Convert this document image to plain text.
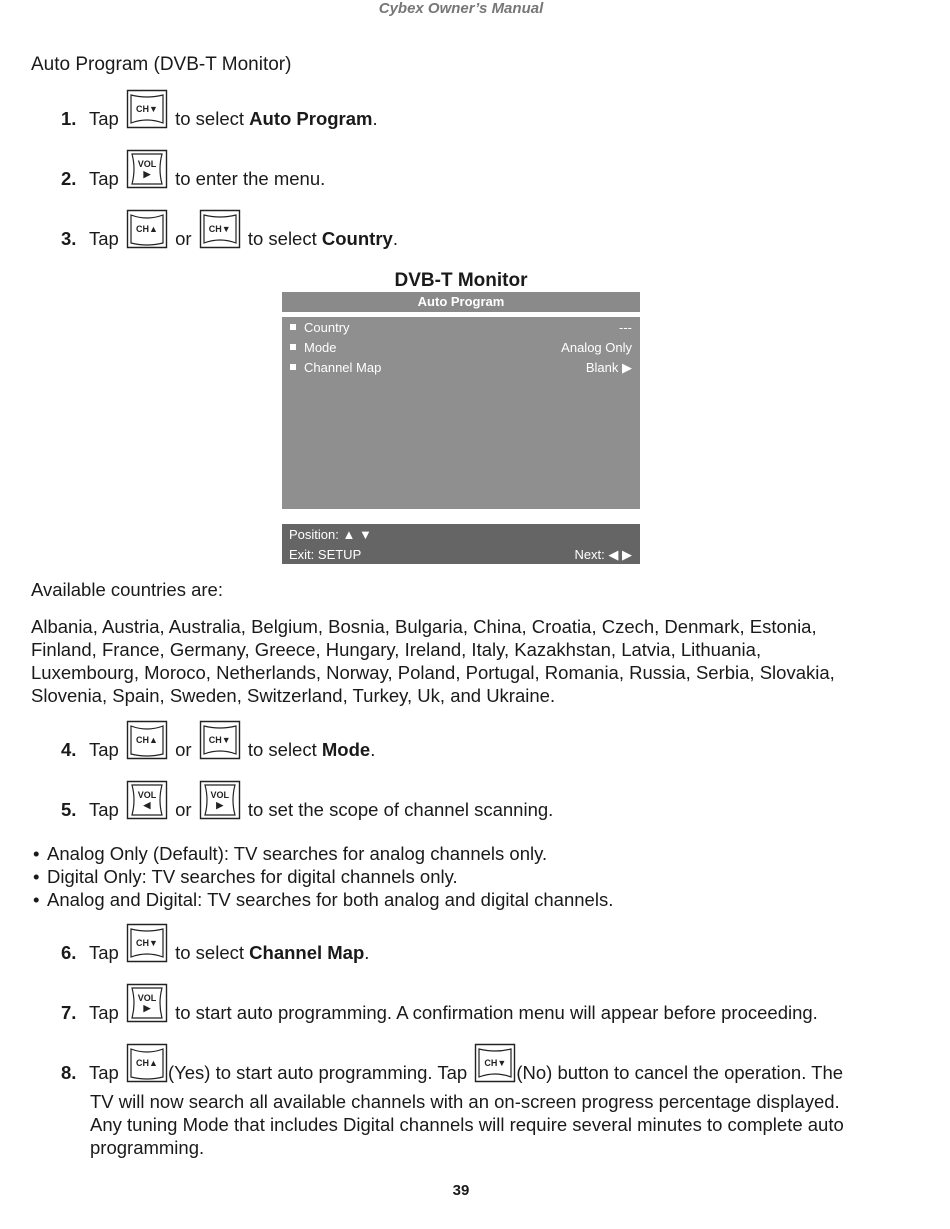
Cybex Owner’s Manual
Auto Program (DVB-T Monitor)
1. Tap	CH▼ to select Auto Program.
2. Tap
VOL
▶	to enter the menu.
3. Tap	CH▲ or	CH▼ to select Country.
DVB-T Monitor
Auto Program
Country	---
Mode	Analog Only
Channel Map	Blank ▶
Position: ▲ ▼
Exit: SETUP	Next: ◀ ▶
Available countries are:
Albania, Austria, Australia, Belgium, Bosnia, Bulgaria, China, Croatia, Czech, Denmark, Estonia,
Finland, France, Germany, Greece, Hungary, Ireland, Italy, Kazakhstan, Latvia, Lithuania,
Luxembourg, Moroco, Netherlands, Norway, Poland, Portugal, Romania, Russia, Serbia, Slovakia,
Slovenia, Spain, Sweden, Switzerland, Turkey, Uk, and Ukraine.
4. Tap	CH▲ or	CH▼ to select Mode.
5. Tap
VOL
◀	or
VOL
▶	to set the scope of channel scanning.
• Analog Only (Default): TV searches for analog channels only.
• Digital Only: TV searches for digital channels only.
• Analog and Digital: TV searches for both analog and digital channels.
6. Tap	CH▼ to select Channel Map.
7. Tap
VOL
▶	to start auto programming. A confirmation menu will appear before proceeding.
8. Tap	CH▲ (Yes) to start auto programming. Tap	CH▼ (No) button to cancel the operation. The
TV will now search all available channels with an on-screen progress percentage displayed.
Any tuning Mode that includes Digital channels will require several minutes to complete auto
programming.
39
